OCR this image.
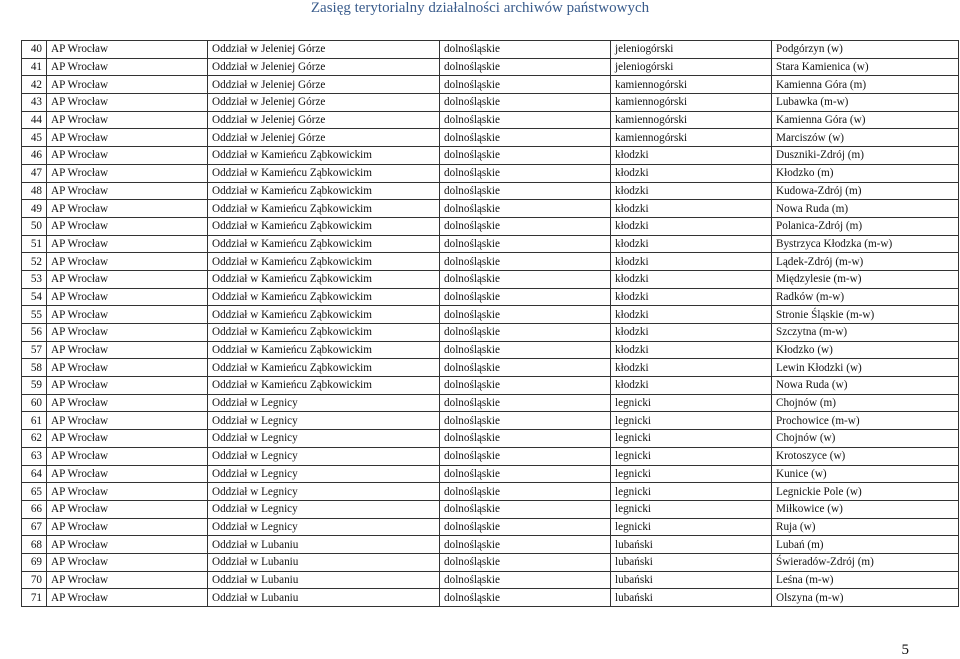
Zasięg terytorialny działalności archiwów państwowych
40	AP Wrocław	Oddział w Jeleniej Górze	dolnośląskie	jeleniogórski	Podgórzyn (w)
41	AP Wrocław	Oddział w Jeleniej Górze	dolnośląskie	jeleniogórski	Stara Kamienica (w)
42	AP Wrocław	Oddział w Jeleniej Górze	dolnośląskie	kamiennogórski	Kamienna Góra (m)
43	AP Wrocław	Oddział w Jeleniej Górze	dolnośląskie	kamiennogórski	Lubawka (m-w)
44	AP Wrocław	Oddział w Jeleniej Górze	dolnośląskie	kamiennogórski	Kamienna Góra (w)
45	AP Wrocław	Oddział w Jeleniej Górze	dolnośląskie	kamiennogórski	Marciszów (w)
46	AP Wrocław	Oddział w Kamieńcu Ząbkowickim	dolnośląskie	kłodzki	Duszniki-Zdrój (m)
47	AP Wrocław	Oddział w Kamieńcu Ząbkowickim	dolnośląskie	kłodzki	Kłodzko (m)
48	AP Wrocław	Oddział w Kamieńcu Ząbkowickim	dolnośląskie	kłodzki	Kudowa-Zdrój (m)
49	AP Wrocław	Oddział w Kamieńcu Ząbkowickim	dolnośląskie	kłodzki	Nowa Ruda (m)
50	AP Wrocław	Oddział w Kamieńcu Ząbkowickim	dolnośląskie	kłodzki	Polanica-Zdrój (m)
51	AP Wrocław	Oddział w Kamieńcu Ząbkowickim	dolnośląskie	kłodzki	Bystrzyca Kłodzka (m-w)
52	AP Wrocław	Oddział w Kamieńcu Ząbkowickim	dolnośląskie	kłodzki	Lądek-Zdrój (m-w)
53	AP Wrocław	Oddział w Kamieńcu Ząbkowickim	dolnośląskie	kłodzki	Międzylesie (m-w)
54	AP Wrocław	Oddział w Kamieńcu Ząbkowickim	dolnośląskie	kłodzki	Radków (m-w)
55	AP Wrocław	Oddział w Kamieńcu Ząbkowickim	dolnośląskie	kłodzki	Stronie Śląskie (m-w)
56	AP Wrocław	Oddział w Kamieńcu Ząbkowickim	dolnośląskie	kłodzki	Szczytna (m-w)
57	AP Wrocław	Oddział w Kamieńcu Ząbkowickim	dolnośląskie	kłodzki	Kłodzko (w)
58	AP Wrocław	Oddział w Kamieńcu Ząbkowickim	dolnośląskie	kłodzki	Lewin Kłodzki (w)
59	AP Wrocław	Oddział w Kamieńcu Ząbkowickim	dolnośląskie	kłodzki	Nowa Ruda (w)
60	AP Wrocław	Oddział w Legnicy	dolnośląskie	legnicki	Chojnów (m)
61	AP Wrocław	Oddział w Legnicy	dolnośląskie	legnicki	Prochowice (m-w)
62	AP Wrocław	Oddział w Legnicy	dolnośląskie	legnicki	Chojnów (w)
63	AP Wrocław	Oddział w Legnicy	dolnośląskie	legnicki	Krotoszyce (w)
64	AP Wrocław	Oddział w Legnicy	dolnośląskie	legnicki	Kunice (w)
65	AP Wrocław	Oddział w Legnicy	dolnośląskie	legnicki	Legnickie Pole (w)
66	AP Wrocław	Oddział w Legnicy	dolnośląskie	legnicki	Miłkowice (w)
67	AP Wrocław	Oddział w Legnicy	dolnośląskie	legnicki	Ruja (w)
68	AP Wrocław	Oddział w Lubaniu	dolnośląskie	lubański	Lubań (m)
69	AP Wrocław	Oddział w Lubaniu	dolnośląskie	lubański	Świeradów-Zdrój (m)
70	AP Wrocław	Oddział w Lubaniu	dolnośląskie	lubański	Leśna (m-w)
71	AP Wrocław	Oddział w Lubaniu	dolnośląskie	lubański	Olszyna (m-w)
5
